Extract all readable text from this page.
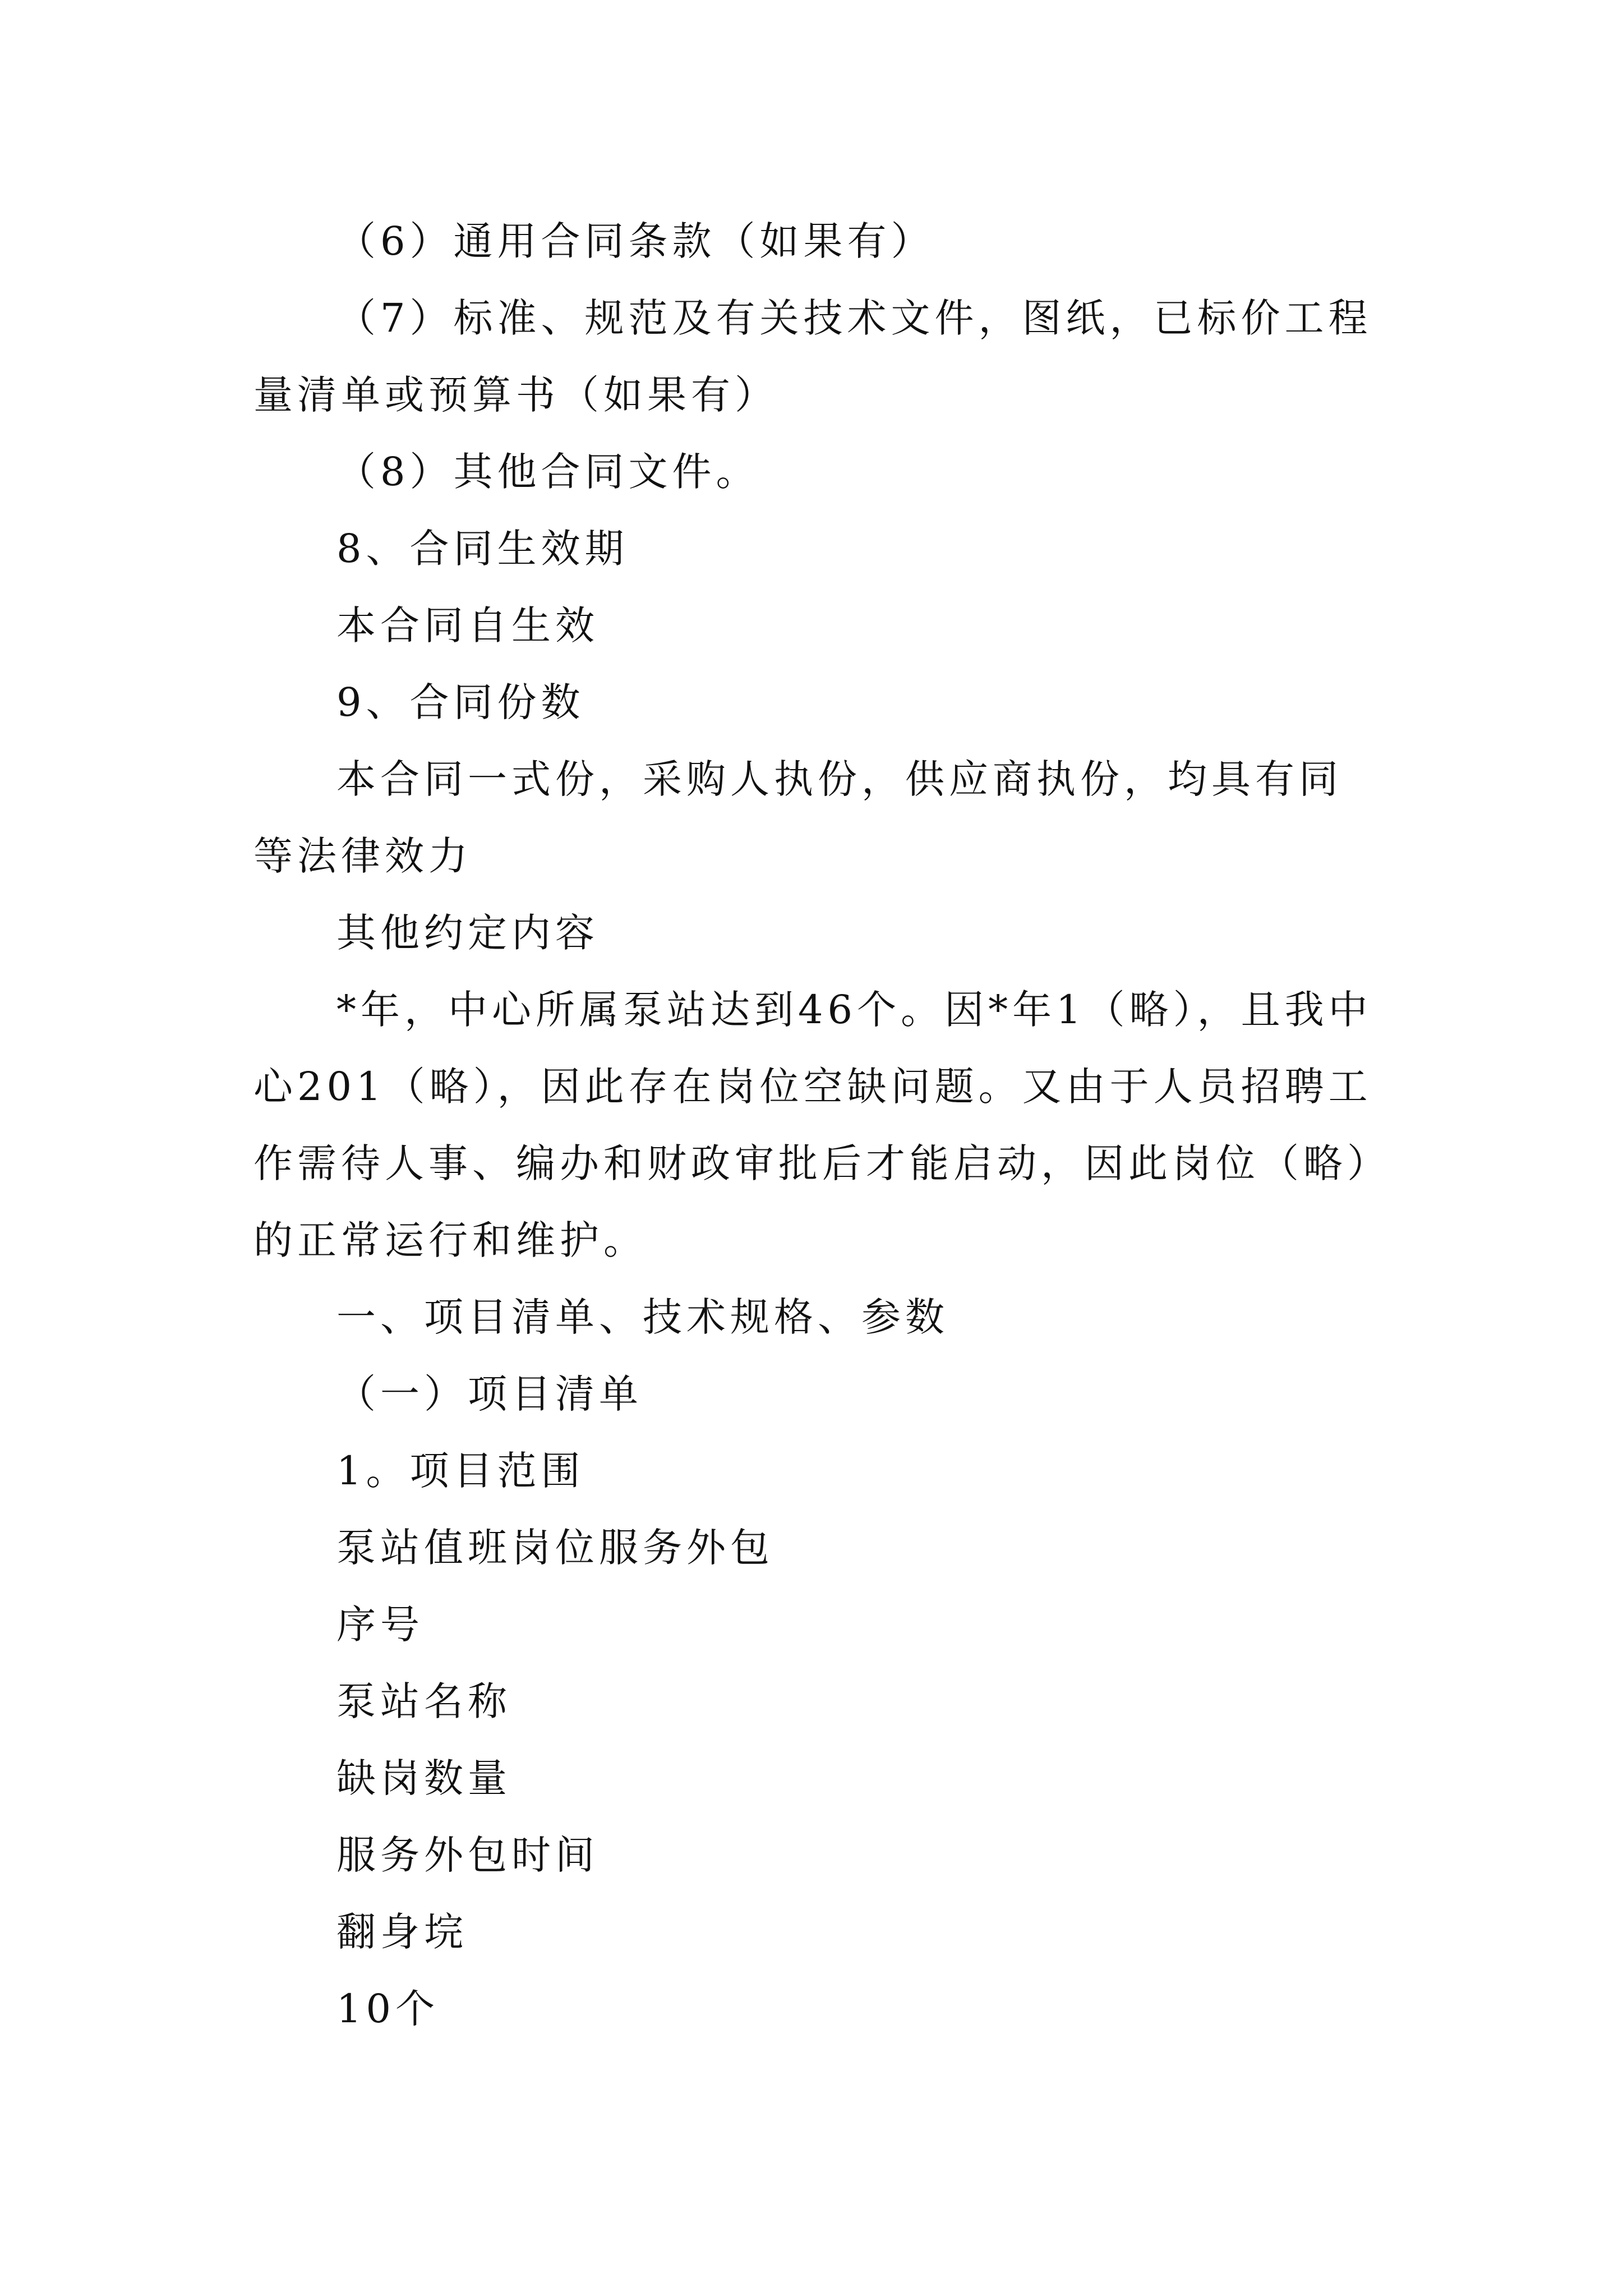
（6）通用合同条款（如果有）

（7）标准、规范及有关技术文件，图纸，已标价工程量清单或预算书（如果有）

（8）其他合同文件。

8、合同生效期

本合同自生效

9、合同份数

本合同一式份，采购人执份，供应商执份，均具有同等法律效力

其他约定内容

*年，中心所属泵站达到46个。因*年1（略），且我中心201（略），因此存在岗位空缺问题。又由于人员招聘工作需待人事、编办和财政审批后才能启动，因此岗位（略）的正常运行和维护。

一、项目清单、技术规格、参数

（一）项目清单

1。项目范围

泵站值班岗位服务外包

序号

泵站名称

缺岗数量

服务外包时间

翻身垸

10个
